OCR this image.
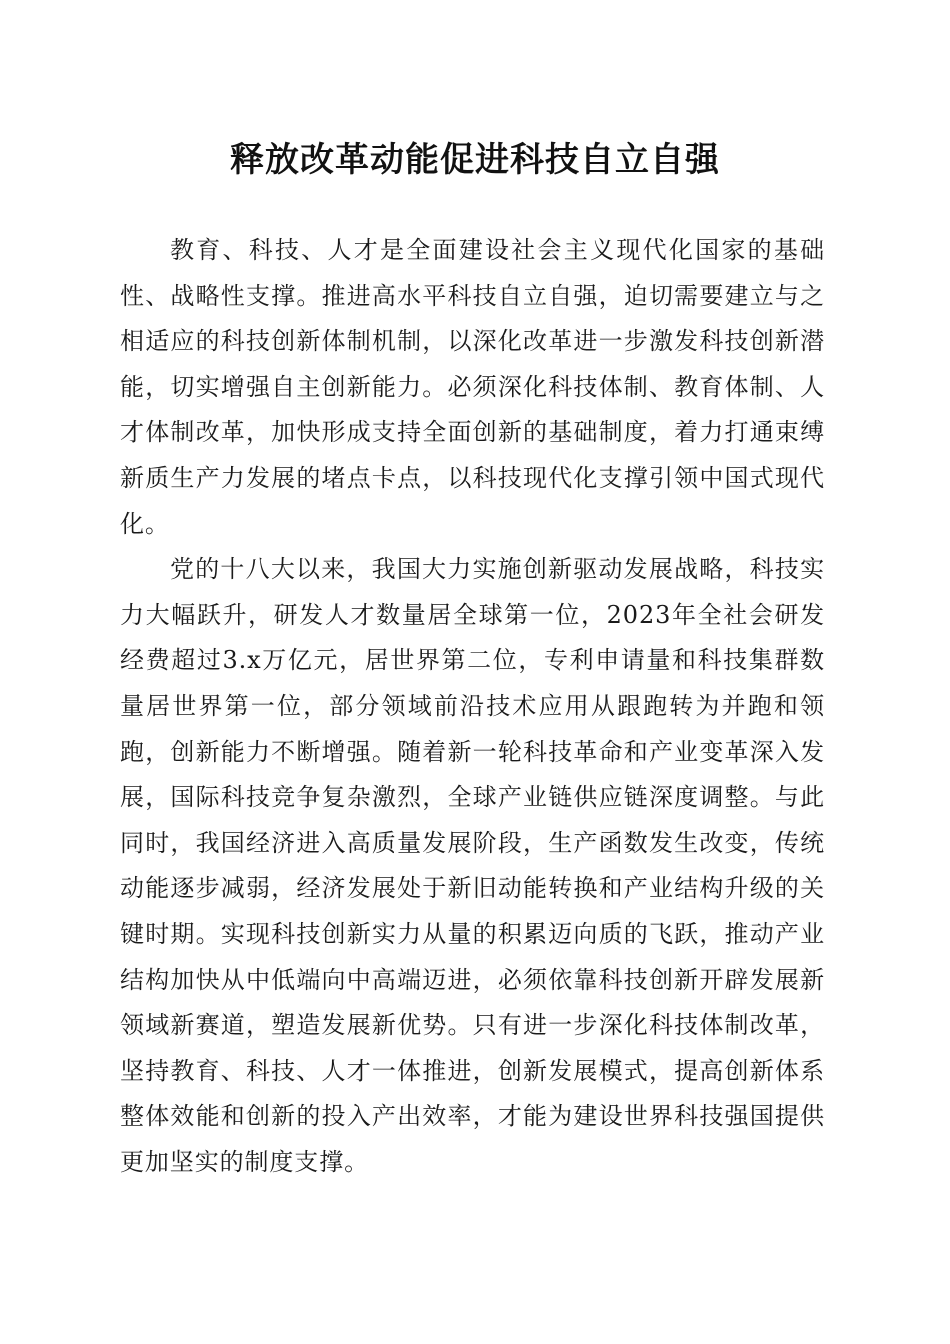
释放改革动能促进科技自立自强

教育、科技、人才是全面建设社会主义现代化国家的基础性、战略性支撑。推进高水平科技自立自强，迫切需要建立与之相适应的科技创新体制机制，以深化改革进一步激发科技创新潜能，切实增强自主创新能力。必须深化科技体制、教育体制、人才体制改革，加快形成支持全面创新的基础制度，着力打通束缚新质生产力发展的堵点卡点，以科技现代化支撑引领中国式现代化。

党的十八大以来，我国大力实施创新驱动发展战略，科技实力大幅跃升，研发人才数量居全球第一位，2023年全社会研发经费超过3.x万亿元，居世界第二位，专利申请量和科技集群数量居世界第一位，部分领域前沿技术应用从跟跑转为并跑和领跑，创新能力不断增强。随着新一轮科技革命和产业变革深入发展，国际科技竞争复杂激烈，全球产业链供应链深度调整。与此同时，我国经济进入高质量发展阶段，生产函数发生改变，传统动能逐步减弱，经济发展处于新旧动能转换和产业结构升级的关键时期。实现科技创新实力从量的积累迈向质的飞跃，推动产业结构加快从中低端向中高端迈进，必须依靠科技创新开辟发展新领域新赛道，塑造发展新优势。只有进一步深化科技体制改革，坚持教育、科技、人才一体推进，创新发展模式，提高创新体系整体效能和创新的投入产出效率，才能为建设世界科技强国提供更加坚实的制度支撑。
